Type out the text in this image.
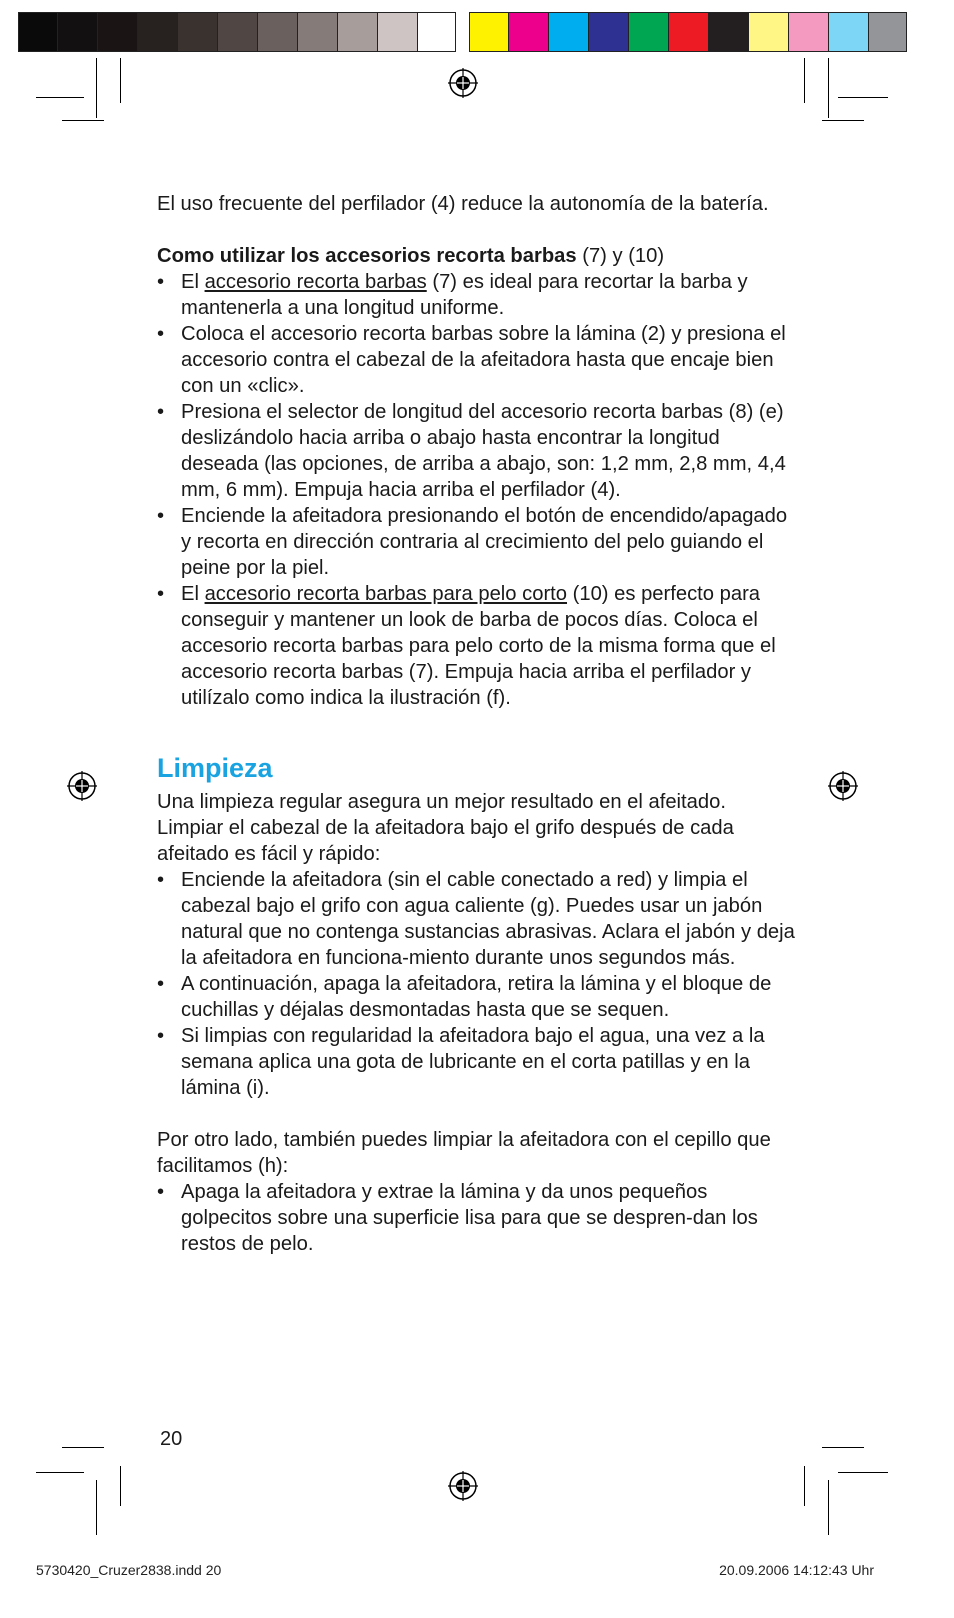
El uso frecuente del perfilador (4) reduce la autonomía de la batería.

Como utilizar los accesorios recorta barbas (7) y (10)

• El accesorio recorta barbas (7) es ideal para recortar la barba y mantenerla a una longitud uniforme.
• Coloca el accesorio recorta barbas sobre la lámina (2) y presiona el accesorio contra el cabezal de la afeitadora hasta que encaje bien con un «clic».
• Presiona el selector de longitud del accesorio recorta barbas (8) (e) deslizándolo hacia arriba o abajo hasta encontrar la longitud deseada (las opciones, de arriba a abajo, son: 1,2 mm, 2,8 mm, 4,4 mm, 6 mm). Empuja hacia arriba el perfilador (4).
• Enciende la afeitadora presionando el botón de encendido/apagado y recorta en dirección contraria al crecimiento del pelo guiando el peine por la piel.
• El accesorio recorta barbas para pelo corto (10) es perfecto para conseguir y mantener un look de barba de pocos días. Coloca el accesorio recorta barbas para pelo corto de la misma forma que el accesorio recorta barbas (7). Empuja hacia arriba el perfilador y utilízalo como indica la ilustración (f).
Limpieza

Una limpieza regular asegura un mejor resultado en el afeitado.

Limpiar el cabezal de la afeitadora bajo el grifo después de cada afeitado es fácil y rápido:

• Enciende la afeitadora (sin el cable conectado a red) y limpia el cabezal bajo el grifo con agua caliente (g). Puedes usar un jabón natural que no contenga sustancias abrasivas. Aclara el jabón y deja la afeitadora en funciona-miento durante unos segundos más.
• A continuación, apaga la afeitadora, retira la lámina y el bloque de cuchillas y déjalas desmontadas hasta que se sequen.
• Si limpias con regularidad la afeitadora bajo el agua, una vez a la semana aplica una gota de lubricante en el corta patillas y en la lámina (i).

Por otro lado, también puedes limpiar la afeitadora con el cepillo que facilitamos (h):

• Apaga la afeitadora y extrae la lámina y da unos pequeños golpecitos sobre una superficie lisa para que se despren-dan los restos de pelo.
20
5730420_Cruzer2838.indd 20	20.09.2006 14:12:43 Uhr
